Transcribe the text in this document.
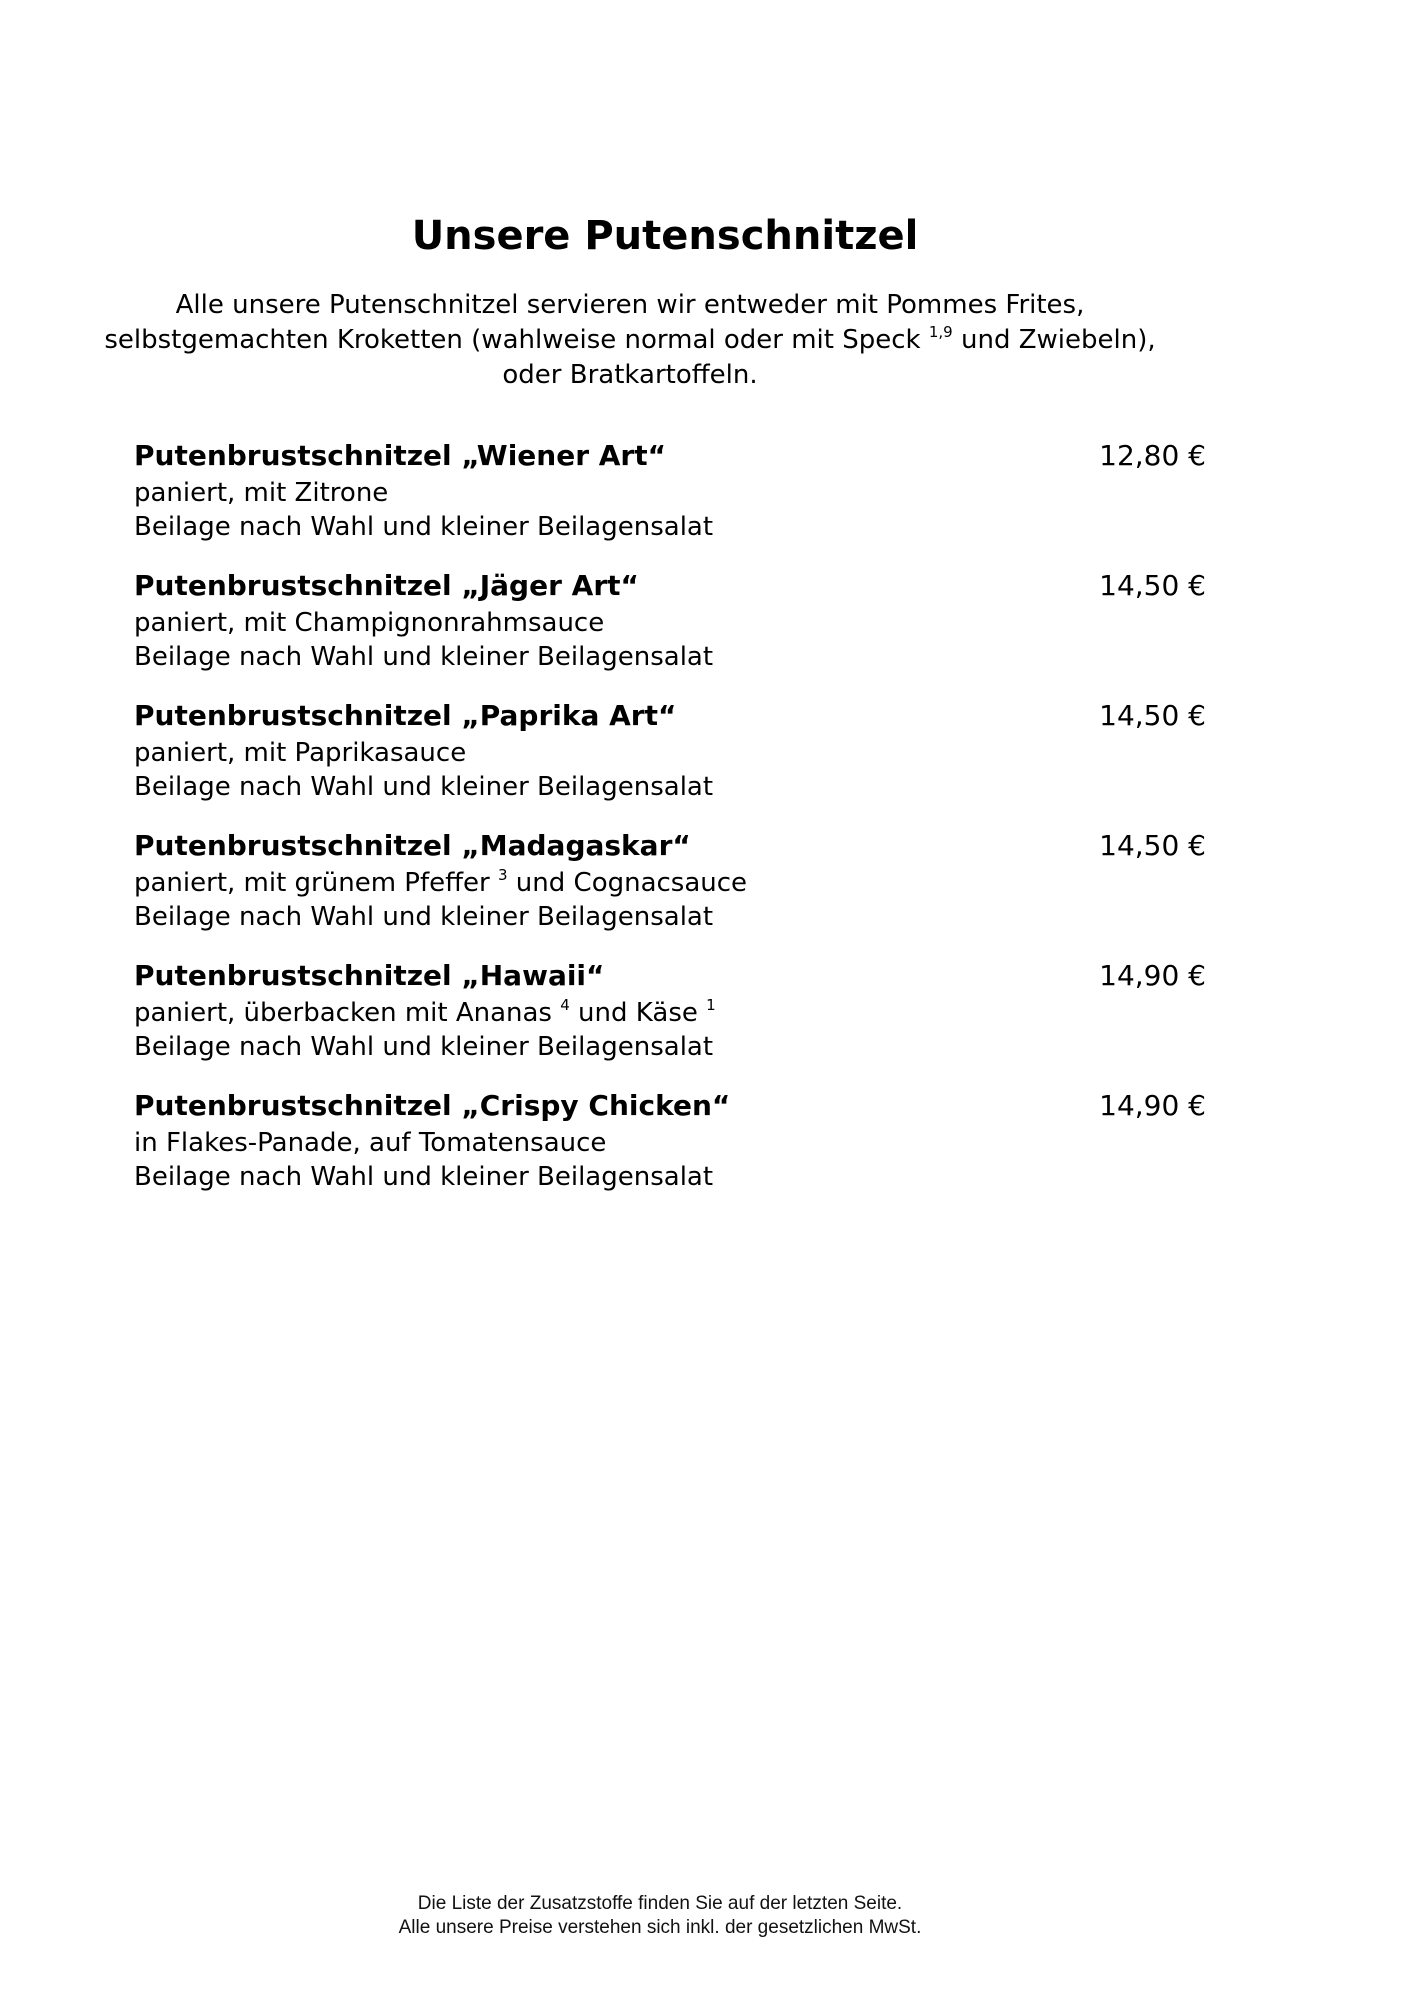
Unsere Putenschnitzel
Alle unsere Putenschnitzel servieren wir entweder mit Pommes Frites,
selbstgemachten Kroketten (wahlweise normal oder mit Speck $^{1,9}$ und Zwiebeln),
oder Bratkartoffeln.
Putenbrustschnitzel „Wiener Art“	12,80 €
paniert, mit Zitrone
Beilage nach Wahl und kleiner Beilagensalat
Putenbrustschnitzel „Jäger Art“	14,50 €
paniert, mit Champignonrahmsauce
Beilage nach Wahl und kleiner Beilagensalat
Putenbrustschnitzel „Paprika Art“	14,50 €
paniert, mit Paprikasauce
Beilage nach Wahl und kleiner Beilagensalat
Putenbrustschnitzel „Madagaskar“	14,50 €
paniert, mit grünem Pfeffer $^3$ und Cognacsauce
Beilage nach Wahl und kleiner Beilagensalat
Putenbrustschnitzel „Hawaii“	14,90 €
paniert, überbacken mit Ananas $^4$ und Käse $^1$
Beilage nach Wahl und kleiner Beilagensalat
Putenbrustschnitzel „Crispy Chicken“	14,90 €
in Flakes-Panade, auf Tomatensauce
Beilage nach Wahl und kleiner Beilagensalat
Die Liste der Zusatzstoffe finden Sie auf der letzten Seite.
Alle unsere Preise verstehen sich inkl. der gesetzlichen MwSt.
